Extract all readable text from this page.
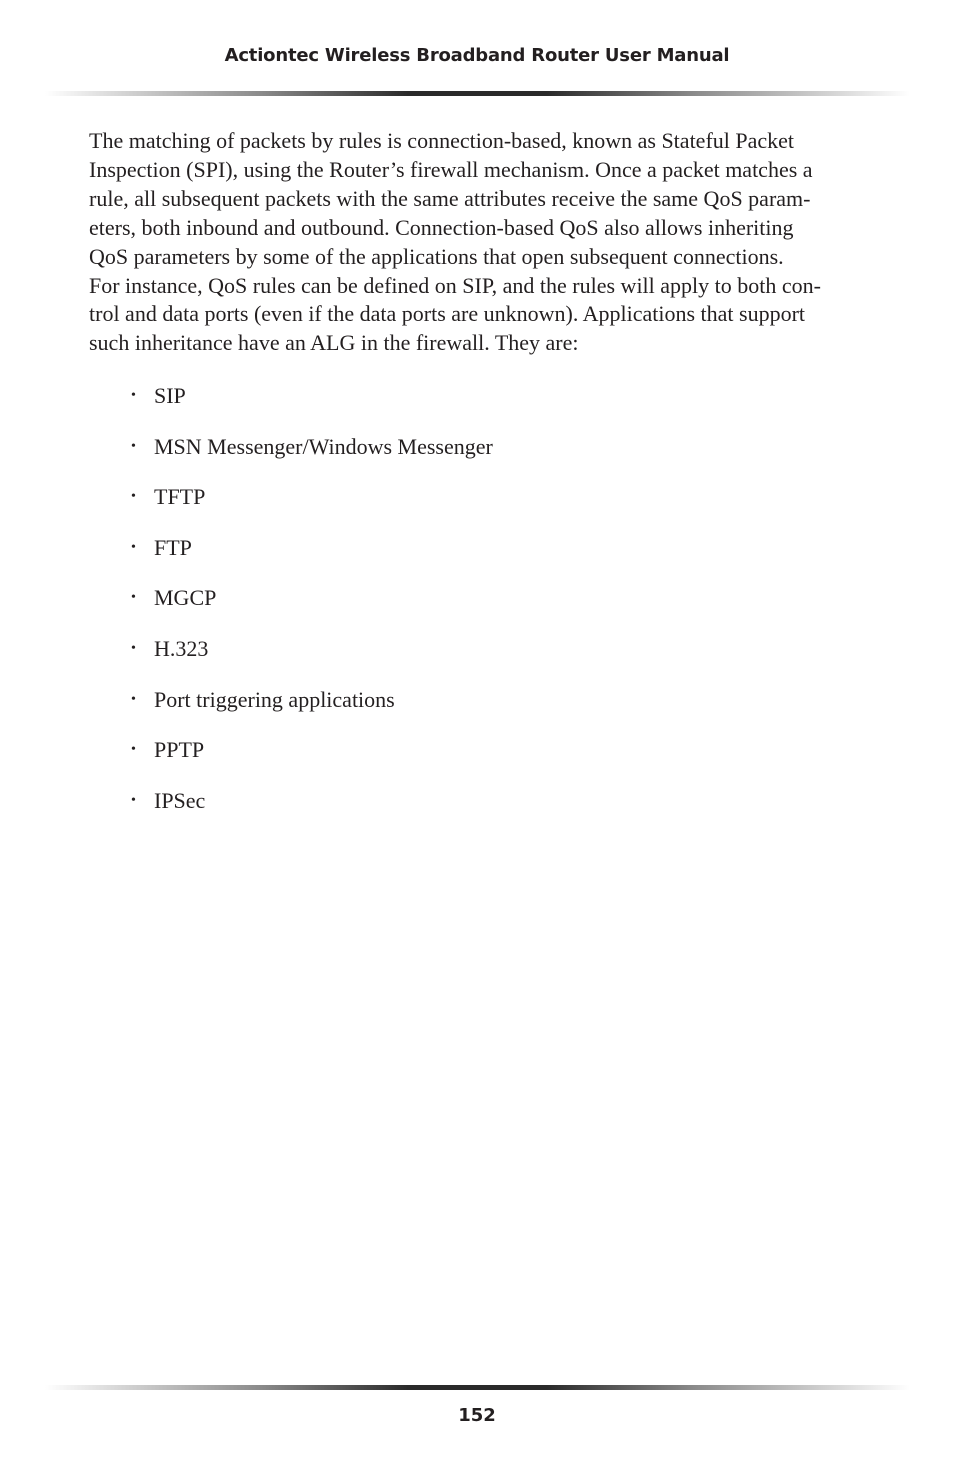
Actiontec Wireless Broadband Router User Manual

The matching of packets by rules is connection-based, known as Stateful Packet
Inspection (SPI), using the Router’s firewall mechanism. Once a packet matches a
rule, all subsequent packets with the same attributes receive the same QoS param-
eters, both inbound and outbound. Connection-based QoS also allows inheriting
QoS parameters by some of the applications that open subsequent connections.
For instance, QoS rules can be defined on SIP, and the rules will apply to both con-
trol and data ports (even if the data ports are unknown). Applications that support
such inheritance have an ALG in the firewall. They are:

• SIP
• MSN Messenger/Windows Messenger
• TFTP
• FTP
• MGCP
• H.323
• Port triggering applications
• PPTP
• IPSec
152
